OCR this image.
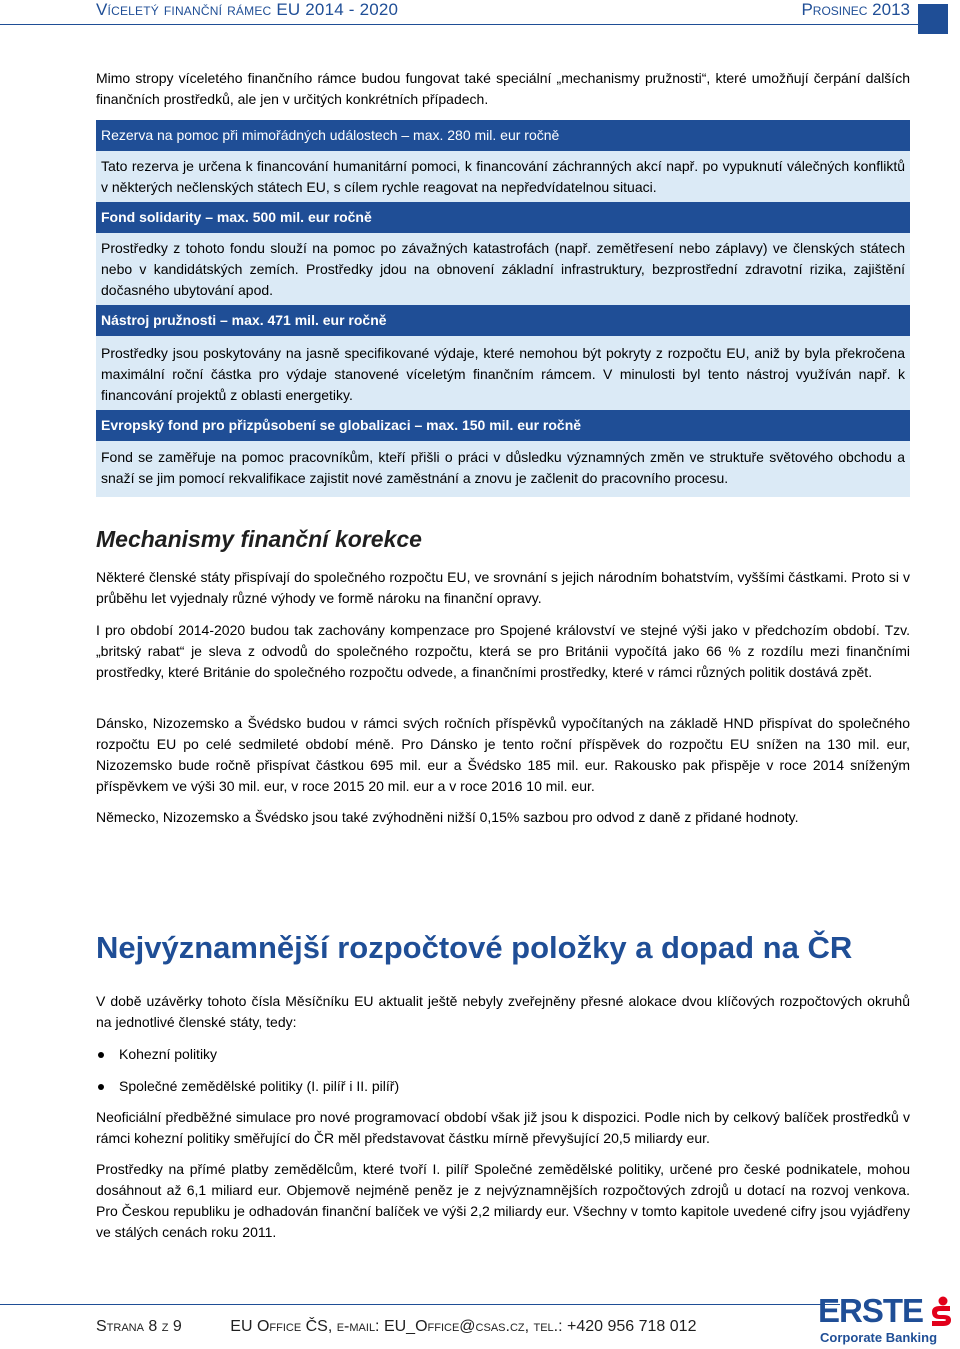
Víceletý finanční rámec EU 2014 - 2020	Prosinec 2013

Mimo stropy víceletého finančního rámce budou fungovat také speciální „mechanismy pružnosti“, které umožňují čerpání dalších finančních prostředků, ale jen v určitých konkrétních případech.

Rezerva na pomoc při mimořádných událostech – max. 280 mil. eur ročně
Tato rezerva je určena k financování humanitární pomoci, k financování záchranných akcí např. po vypuknutí válečných konfliktů v některých nečlenských státech EU, s cílem rychle reagovat na nepředvídatelnou situaci.
Fond solidarity – max. 500 mil. eur ročně
Prostředky z tohoto fondu slouží na pomoc po závažných katastrofách (např. zemětřesení nebo záplavy) ve členských státech nebo v kandidátských zemích. Prostředky jdou na obnovení základní infrastruktury, bezprostřední zdravotní rizika, zajištění dočasného ubytování apod.
Nástroj pružnosti – max. 471 mil. eur ročně
Prostředky jsou poskytovány na jasně specifikované výdaje, které nemohou být pokryty z rozpočtu EU, aniž by byla překročena maximální roční částka pro výdaje stanovené víceletým finančním rámcem. V minulosti byl tento nástroj využíván např. k financování projektů z oblasti energetiky.
Evropský fond pro přizpůsobení se globalizaci – max. 150 mil. eur ročně
Fond se zaměřuje na pomoc pracovníkům, kteří přišli o práci v důsledku významných změn ve struktuře světového obchodu a snaží se jim pomocí rekvalifikace zajistit nové zaměstnání a znovu je začlenit do pracovního procesu.
Mechanismy finanční korekce

Některé členské státy přispívají do společného rozpočtu EU, ve srovnání s jejich národním bohatstvím, vyššími částkami. Proto si v průběhu let vyjednaly různé výhody ve formě nároku na finanční opravy.

I pro období 2014-2020 budou tak zachovány kompenzace pro Spojené království ve stejné výši jako v předchozím období. Tzv. „britský rabat“ je sleva z odvodů do společného rozpočtu, která se pro Británii vypočítá jako 66 % z rozdílu mezi finančními prostředky, které Británie do společného rozpočtu odvede, a finančními prostředky, které v rámci různých politik dostává zpět.

Dánsko, Nizozemsko a Švédsko budou v rámci svých ročních příspěvků vypočítaných na základě HND přispívat do společného rozpočtu EU po celé sedmileté období méně. Pro Dánsko je tento roční příspěvek do rozpočtu EU snížen na 130 mil. eur, Nizozemsko bude ročně přispívat částkou 695 mil. eur a Švédsko 185 mil. eur. Rakousko pak přispěje v roce 2014 sníženým příspěvkem ve výši 30 mil. eur, v roce 2015 20 mil. eur a v roce 2016 10 mil. eur.

Německo, Nizozemsko a Švédsko jsou také zvýhodněni nižší 0,15% sazbou pro odvod z daně z přidané hodnoty.

Nejvýznamnější rozpočtové položky a dopad na ČR

V době uzávěrky tohoto čísla Měsíčníku EU aktualit ještě nebyly zveřejněny přesné alokace dvou klíčových rozpočtových okruhů na jednotlivé členské státy, tedy:

Kohezní politiky
Společné zemědělské politiky (I. pilíř i II. pilíř)

Neoficiální předběžné simulace pro nové programovací období však již jsou k dispozici. Podle nich by celkový balíček prostředků v rámci kohezní politiky směřující do ČR měl představovat částku mírně převyšující 20,5 miliardy eur.

Prostředky na přímé platby zemědělcům, které tvoří I. pilíř Společné zemědělské politiky, určené pro české podnikatele, mohou dosáhnout až 6,1 miliard eur. Objemově nejméně peněz je z nejvýznamnějších rozpočtových zdrojů u dotací na rozvoj venkova. Pro Českou republiku je odhadován finanční balíček ve výši 2,2 miliardy eur. Všechny v tomto kapitole uvedené cifry jsou vyjádřeny ve stálých cenách roku 2011.

Strana 8 z 9	EU Office ČS, e-mail: EU_Office@csas.cz, tel.: +420 956 718 012	ERSTE
Corporate Banking
